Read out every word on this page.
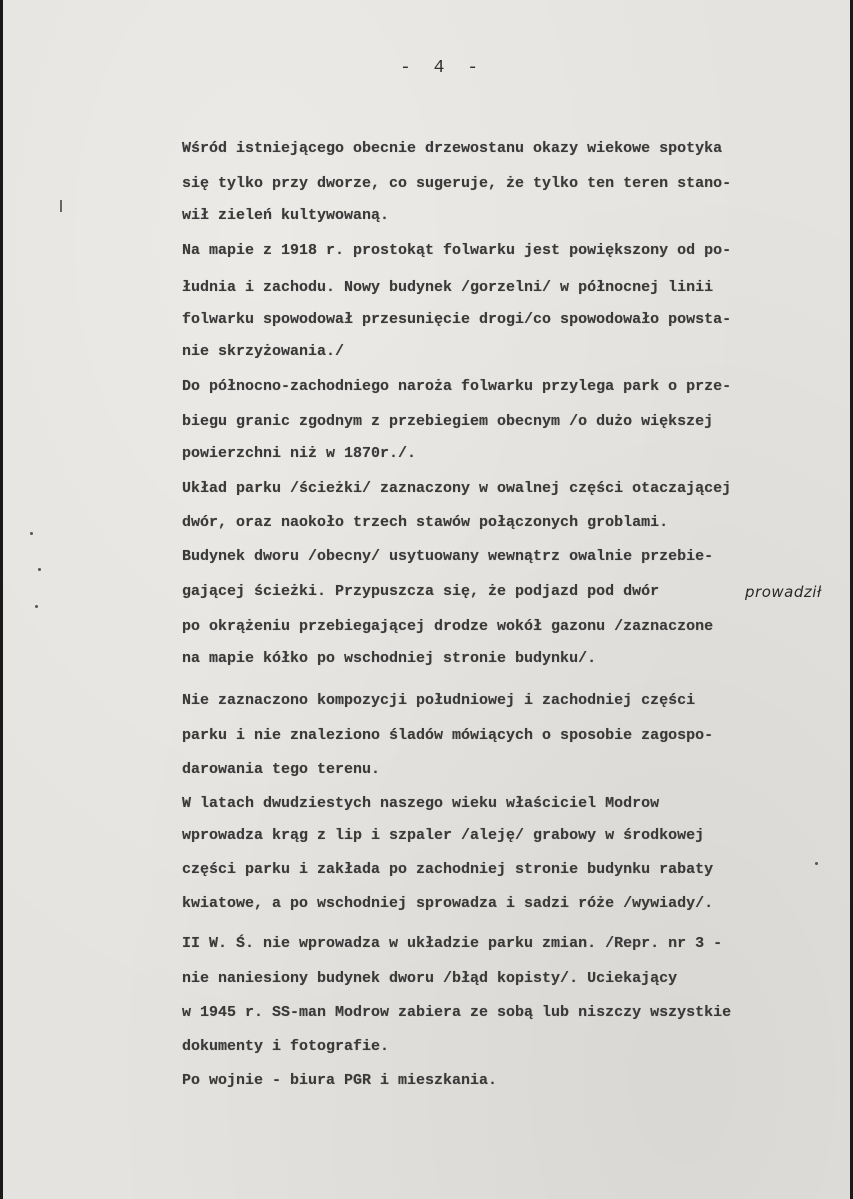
- 4 -
Wśród istniejącego obecnie drzewostanu okazy wiekowe spotyka
się tylko przy dworze, co sugeruje, że tylko ten teren stano-
wił zieleń kultywowaną.
Na mapie z 1918 r. prostokąt folwarku jest powiększony od po-
łudnia i zachodu. Nowy budynek /gorzelni/ w północnej linii
folwarku spowodował przesunięcie drogi/co spowodowało powsta-
nie skrzyżowania./
Do północno-zachodniego naroża folwarku przylega park o prze-
biegu granic zgodnym z przebiegiem obecnym /o dużo większej
powierzchni niż w 1870r./.
Układ parku /ścieżki/ zaznaczony w owalnej części otaczającej
dwór, oraz naokoło trzech stawów połączonych groblami.
Budynek dworu /obecny/ usytuowany wewnątrz owalnie przebie-
gającej ścieżki. Przypuszcza się, że podjazd pod dwór
po okrążeniu przebiegającej drodze wokół gazonu /zaznaczone
na mapie kółko po wschodniej stronie budynku/.
Nie zaznaczono kompozycji południowej i zachodniej części
parku i nie znaleziono śladów mówiących o sposobie zagospo-
darowania tego terenu.
W latach dwudziestych naszego wieku właściciel Modrow
wprowadza krąg z lip i szpaler /aleję/ grabowy w środkowej
części parku i zakłada po zachodniej stronie budynku rabaty
kwiatowe, a po wschodniej sprowadza i sadzi róże /wywiady/.
II W. Ś. nie wprowadza w układzie parku zmian. /Repr. nr 3 -
nie naniesiony budynek dworu /błąd kopisty/. Uciekający
w 1945 r. SS-man Modrow zabiera ze sobą lub niszczy wszystkie
dokumenty i fotografie.
Po wojnie - biura PGR i mieszkania.
prowadził
